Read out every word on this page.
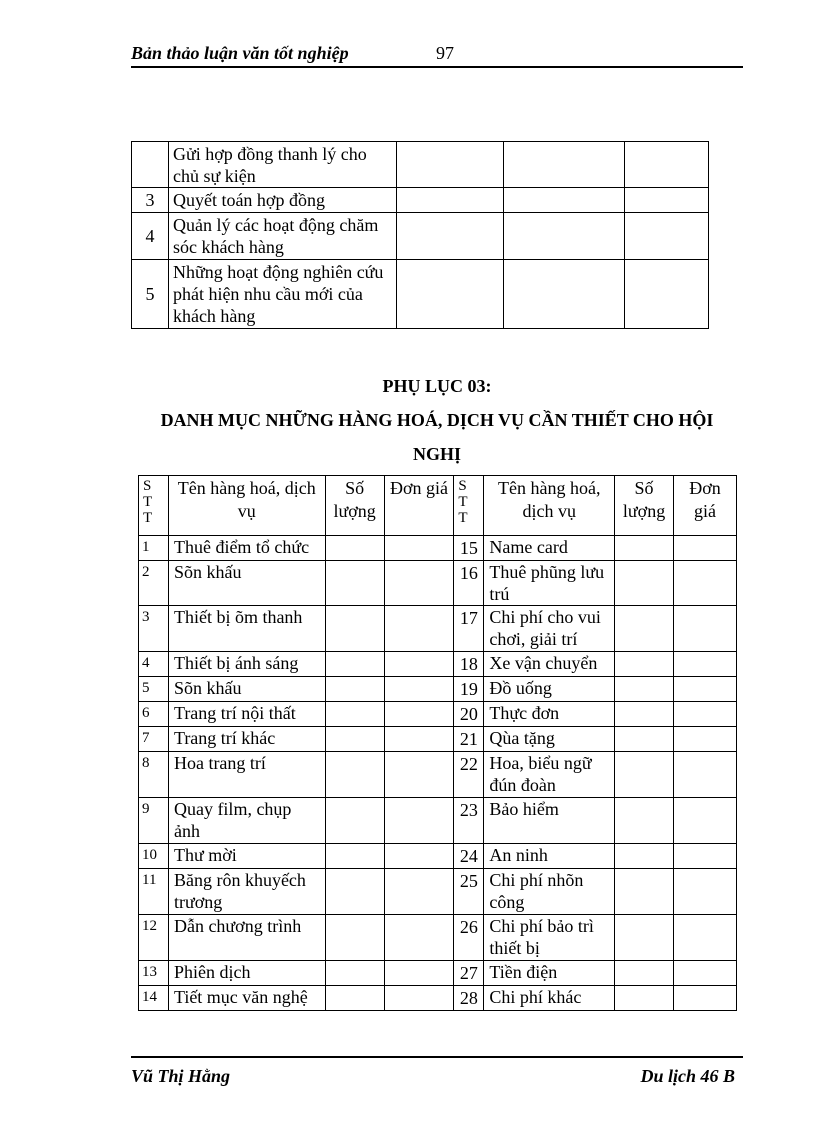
Bản thảo luận văn tốt nghiệp	97
	Gửi hợp đồng thanh lý cho chủ sự kiện			
3	Quyết toán hợp đồng			
4	Quản lý các hoạt động chăm sóc khách hàng			
5	Những hoạt động nghiên cứu phát hiện nhu cầu mới của khách hàng			

PHỤ LỤC 03:

DANH MỤC NHỮNG HÀNG HOÁ, DỊCH VỤ CẦN THIẾT CHO HỘI

NGHỊ

S T T	Tên hàng hoá, dịch vụ	Số lượng	Đơn giá	S T T	Tên hàng hoá, dịch vụ	Số lượng	Đơn giá
1	Thuê điểm tổ chức			15	Name card		
2	Sõn khấu			16	Thuê phũng lưu trú		
3	Thiết bị õm thanh			17	Chi phí cho vui chơi, giải trí		
4	Thiết bị ánh sáng			18	Xe vận chuyển		
5	Sõn khấu			19	Đồ uống		
6	Trang trí nội thất			20	Thực đơn		
7	Trang trí khác			21	Qùa tặng		
8	Hoa trang trí			22	Hoa, biểu ngữ đún đoàn		
9	Quay film, chụp ảnh			23	Bảo hiểm		
10	Thư mời			24	An ninh		
11	Băng rôn khuyếch trương			25	Chi phí nhõn công		
12	Dẫn chương trình			26	Chi phí bảo trì thiết bị		
13	Phiên dịch			27	Tiền điện		
14	Tiết mục văn nghệ			28	Chi phí khác		
Vũ Thị Hằng	Du lịch 46 B
